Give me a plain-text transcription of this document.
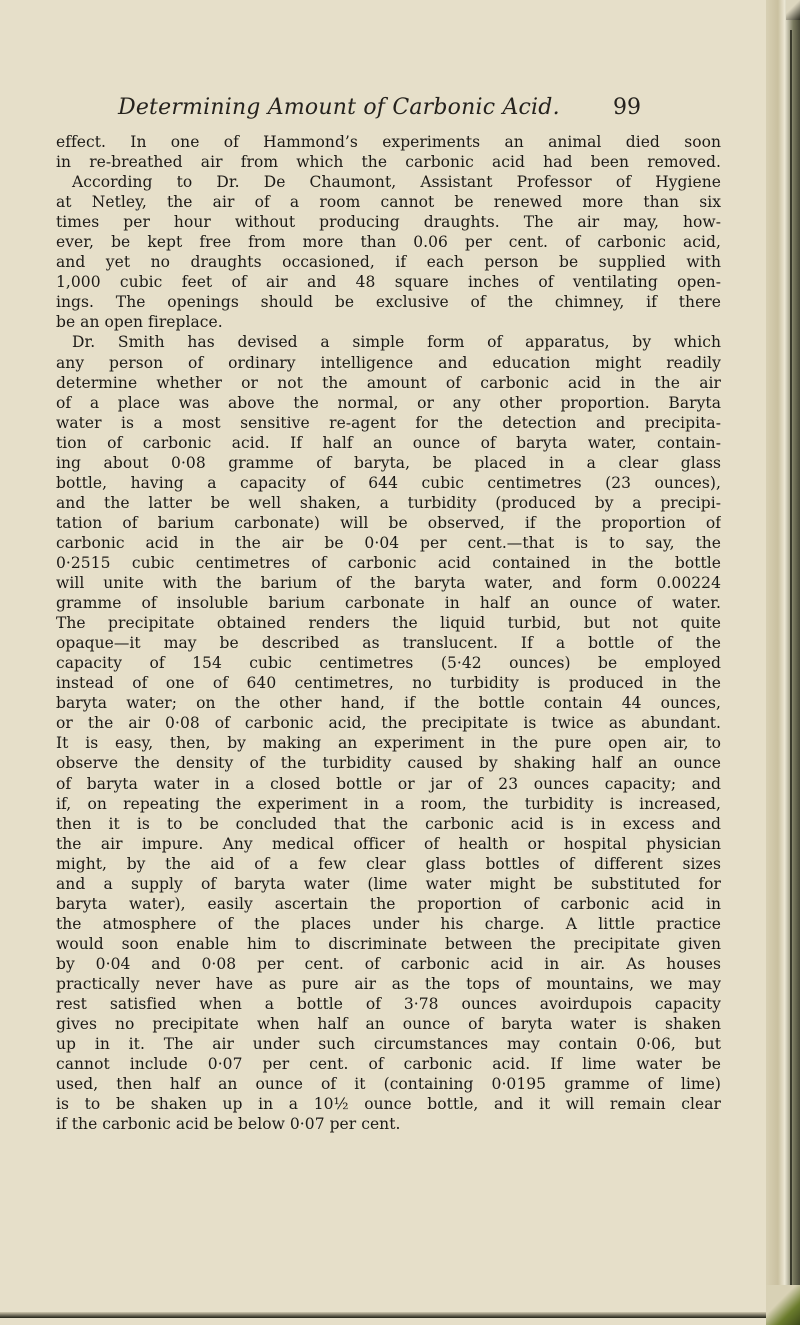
Determining Amount of Carbonic Acid. 99
effect. In one of Hammond’s experiments an animal died soon
in re-breathed air from which the carbonic acid had been removed.
According to Dr. De Chaumont, Assistant Professor of Hygiene
at Netley, the air of a room cannot be renewed more than six
times per hour without producing draughts. The air may, how-
ever, be kept free from more than 0.06 per cent. of carbonic acid,
and yet no draughts occasioned, if each person be supplied with
1,000 cubic feet of air and 48 square inches of ventilating open-
ings. The openings should be exclusive of the chimney, if there
be an open fireplace.
Dr. Smith has devised a simple form of apparatus, by which
any person of ordinary intelligence and education might readily
determine whether or not the amount of carbonic acid in the air
of a place was above the normal, or any other proportion. Baryta
water is a most sensitive re-agent for the detection and precipita-
tion of carbonic acid. If half an ounce of baryta water, contain-
ing about 0·08 gramme of baryta, be placed in a clear glass
bottle, having a capacity of 644 cubic centimetres (23 ounces),
and the latter be well shaken, a turbidity (produced by a precipi-
tation of barium carbonate) will be observed, if the proportion of
carbonic acid in the air be 0·04 per cent.—that is to say, the
0·2515 cubic centimetres of carbonic acid contained in the bottle
will unite with the barium of the baryta water, and form 0.00224
gramme of insoluble barium carbonate in half an ounce of water.
The precipitate obtained renders the liquid turbid, but not quite
opaque—it may be described as translucent. If a bottle of the
capacity of 154 cubic centimetres (5·42 ounces) be employed
instead of one of 640 centimetres, no turbidity is produced in the
baryta water; on the other hand, if the bottle contain 44 ounces,
or the air 0·08 of carbonic acid, the precipitate is twice as abundant.
It is easy, then, by making an experiment in the pure open air, to
observe the density of the turbidity caused by shaking half an ounce
of baryta water in a closed bottle or jar of 23 ounces capacity; and
if, on repeating the experiment in a room, the turbidity is increased,
then it is to be concluded that the carbonic acid is in excess and
the air impure. Any medical officer of health or hospital physician
might, by the aid of a few clear glass bottles of different sizes
and a supply of baryta water (lime water might be substituted for
baryta water), easily ascertain the proportion of carbonic acid in
the atmosphere of the places under his charge. A little practice
would soon enable him to discriminate between the precipitate given
by 0·04 and 0·08 per cent. of carbonic acid in air. As houses
practically never have as pure air as the tops of mountains, we may
rest satisfied when a bottle of 3·78 ounces avoirdupois capacity
gives no precipitate when half an ounce of baryta water is shaken
up in it. The air under such circumstances may contain 0·06, but
cannot include 0·07 per cent. of carbonic acid. If lime water be
used, then half an ounce of it (containing 0·0195 gramme of lime)
is to be shaken up in a 10½ ounce bottle, and it will remain clear
if the carbonic acid be below 0·07 per cent.
